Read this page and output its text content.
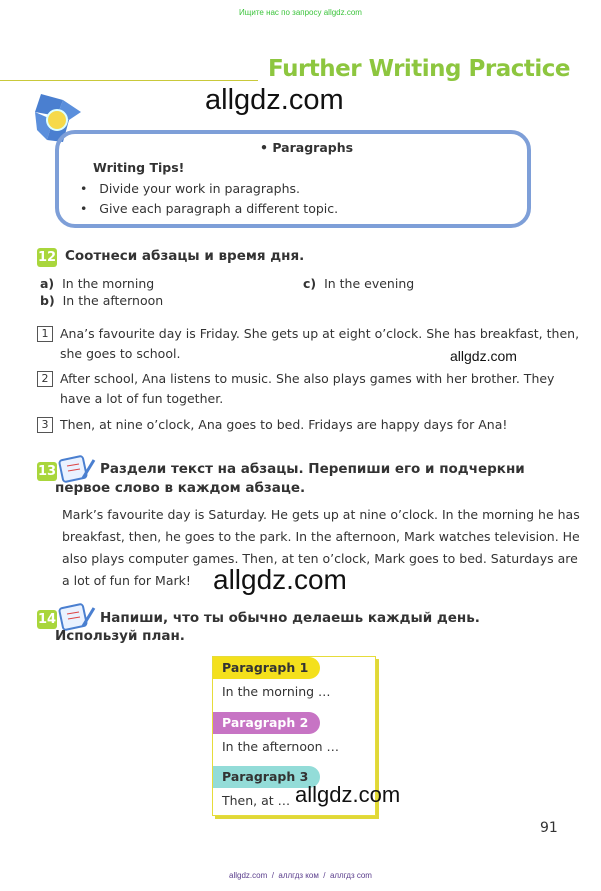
Ищите нас по запросу allgdz.com
Further Writing Practice
allgdz.com
• Paragraphs
Writing Tips!
•   Divide your work in paragraphs.
•   Give each paragraph a different topic.
12 Соотнеси абзацы и время дня.
a) In the morning
b) In the afternoon
c) In the evening
1 Ana’s favourite day is Friday. She gets up at eight o’clock. She has breakfast, then,
she goes to school.	allgdz.com
2 After school, Ana listens to music. She also plays games with her brother. They
have a lot of fun together.
3 Then, at nine o’clock, Ana goes to bed. Fridays are happy days for Ana!
13	Раздели текст на абзацы. Перепиши его и подчеркни
первое слово в каждом абзаце.
Mark’s favourite day is Saturday. He gets up at nine o’clock. In the morning he has
breakfast, then, he goes to the park. In the afternoon, Mark watches television. He
also plays computer games. Then, at ten o’clock, Mark goes to bed. Saturdays are
a lot of fun for Mark! allgdz.com
14	Напиши, что ты обычно делаешь каждый день.
Используй план.
Paragraph 1
In the morning …
Paragraph 2
In the afternoon …
Paragraph 3
Then, at … allgdz.com
91
allgdz.com  /  аллгдз ком  /  аллгдз com
